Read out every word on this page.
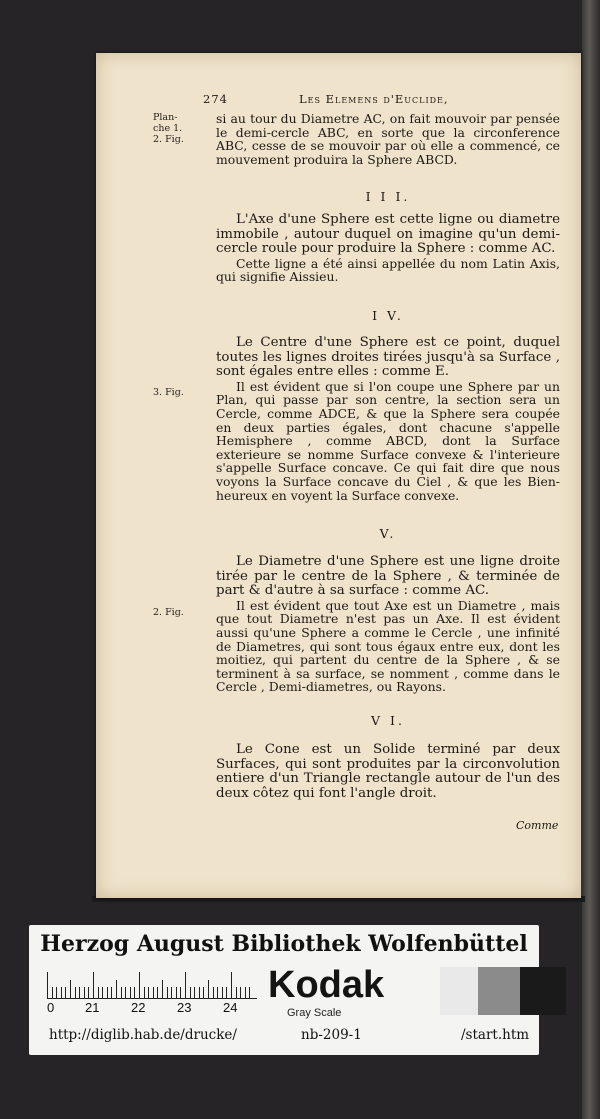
274	Les Elemens d'Euclide,
Plan-
che 1.
2. Fig.

si au tour du Diametre AC, on fait mouvoir par pensée le demi-cercle ABC, en sorte que la circonference ABC, cesse de se mouvoir par où elle a commencé, ce mouvement produira la Sphere ABCD.

I I I.

L'Axe d'une Sphere est cette ligne ou diametre immobile , autour duquel on imagine qu'un demi-cercle roule pour produire la Sphere : comme AC.

Cette ligne a été ainsi appellée du nom Latin Axis, qui signifie Aissieu.

I V.
3. Fig.

Le Centre d'une Sphere est ce point, duquel toutes les lignes droites tirées jusqu'à sa Surface , sont égales entre elles : comme E.

Il est évident que si l'on coupe une Sphere par un Plan, qui passe par son centre, la section sera un Cercle, comme ADCE, & que la Sphere sera coupée en deux parties égales, dont chacune s'appelle Hemisphere , comme ABCD, dont la Surface exterieure se nomme Surface convexe & l'interieure s'appelle Surface concave. Ce qui fait dire que nous voyons la Surface concave du Ciel , & que les Bien-heureux en voyent la Surface convexe.

V.
2. Fig.

Le Diametre d'une Sphere est une ligne droite tirée par le centre de la Sphere , & terminée de part & d'autre à sa surface : comme AC.

Il est évident que tout Axe est un Diametre , mais que tout Diametre n'est pas un Axe. Il est évident aussi qu'une Sphere a comme le Cercle , une infinité de Diametres, qui sont tous égaux entre eux, dont les moitiez, qui partent du centre de la Sphere , & se terminent à sa surface, se nomment , comme dans le Cercle , Demi-diametres, ou Rayons.

V I.

Le Cone est un Solide terminé par deux Surfaces, qui sont produites par la circonvolution entiere d'un Triangle rectangle autour de l'un des deux côtez qui font l'angle droit.

Comme
Herzog August Bibliothek Wolfenbüttel
0 21 22 23 24
Kodak
Gray Scale
http://diglib.hab.de/drucke/	nb-209-1	/start.htm
